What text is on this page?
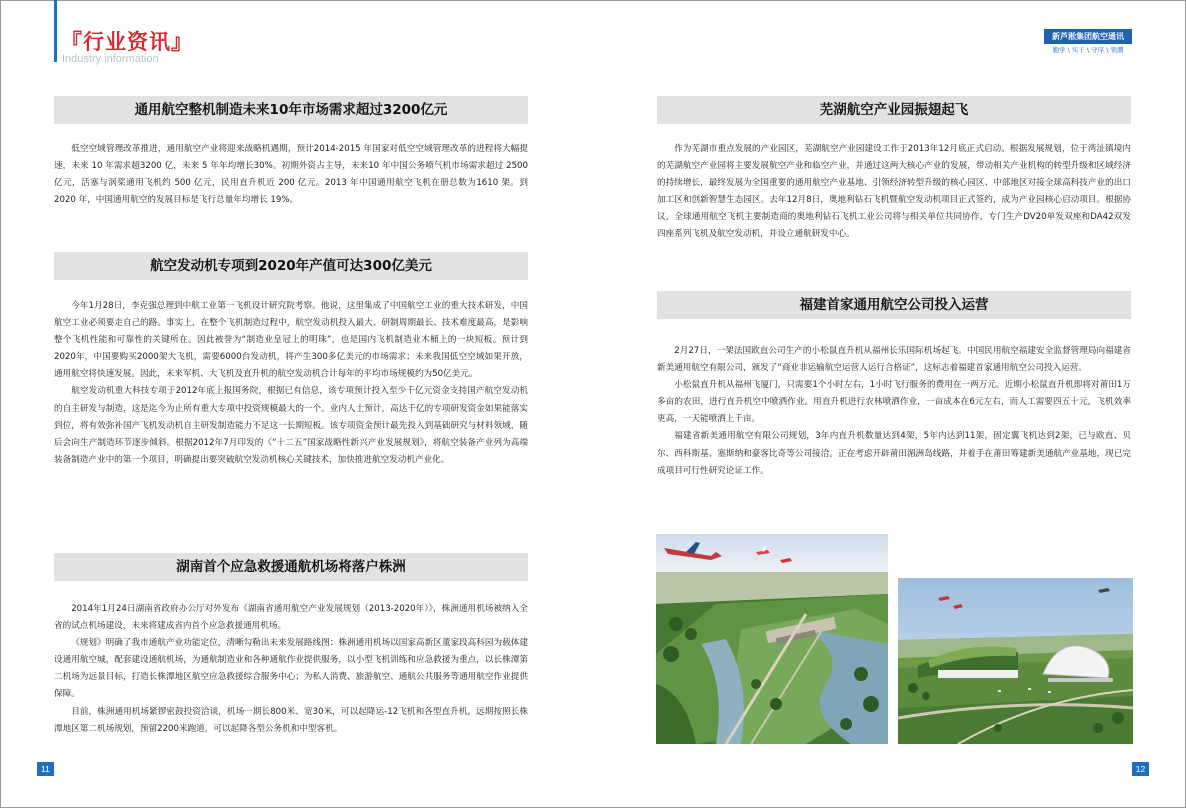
『行业资讯』
Industry information
通用航空整机制造未来10年市场需求超过3200亿元

低空空域管理改革推进，通用航空产业将迎来战略机遇期，预计2014-2015 年国家对低空空域管理改革的进程将大幅提速，未来 10 年需求超3200 亿，未来 5 年年均增长30%。初期外资占主导，未来10 年中国公务喷气机市场需求超过 2500 亿元，活塞与涡桨通用飞机约 500 亿元，民用直升机近 200 亿元。2013 年中国通用航空飞机在册总数为1610 架。到 2020 年，中国通用航空的发展目标是飞行总量年均增长 19%。

航空发动机专项到2020年产值可达300亿美元

今年1月28日，李克强总理到中航工业第一飞机设计研究院考察。他说，这里集成了中国航空工业的重大技术研发，中国航空工业必须要走自己的路。事实上，在整个飞机制造过程中，航空发动机投入最大、研制周期最长、技术难度最高，是影响整个飞机性能和可靠性的关键所在。因此被誉为“制造业皇冠上的明珠”，也是国内飞机制造业木桶上的一块短板。预计到2020年，中国要购买2000架大飞机，需要6000台发动机，将产生300多亿美元的市场需求；未来我国低空空域如果开放，通用航空将快速发展。因此，未来军机、大飞机及直升机的航空发动机合计每年的平均市场规模约为50亿美元。

航空发动机重大科技专项于2012年底上报国务院，根据已有信息，该专项预计投入至少千亿元资金支持国产航空发动机的自主研发与制造，这是迄今为止所有重大专项中投资规模最大的一个。业内人士预计，高达千亿的专项研发资金如果能落实到位，将有效弥补国产飞机发动机自主研发制造能力不足这一长期短板。该专项资金预计最先投入到基础研究与材料领域，随后会向生产制造环节逐步倾斜。根据2012年7月印发的《“十二五”国家战略性新兴产业发展规划》，将航空装备产业列为高端装备制造产业中的第一个项目，明确提出要突破航空发动机核心关键技术，加快推进航空发动机产业化。

湖南首个应急救援通航机场将落户株洲

2014年1月24日湖南省政府办公厅对外发布《湖南省通用航空产业发展规划（2013-2020年）》，株洲通用机场被纳入全省的试点机场建设，未来将建成省内首个应急救援通用机场。

《规划》明确了我市通航产业功能定位，清晰勾勒出未来发展路线图：株洲通用机场以国家高新区董家段高科园为载体建设通用航空城，配套建设通航机场，为通航制造业和各种通航作业提供服务，以小型飞机训练和应急救援为重点，以长株潭第二机场为远景目标，打造长株潭地区航空应急救援综合服务中心；为私人消费、旅游航空、通航公共服务等通用航空作业提供保障。

目前，株洲通用机场紧锣密鼓投资洽谈，机场一期长800米、宽30米，可以起降运-12飞机和各型直升机，远期按照长株潭地区第二机场规划，预留2200米跑道，可以起降各型公务机和中型客机。

11
新芦淞集团航空通讯
勤学 \ 实干 \ 守序 \ 领潮
芜湖航空产业园振翅起飞

作为芜湖市重点发展的产业园区，芜湖航空产业园建设工作于2013年12月底正式启动。根据发展规划，位于湾沚镇境内的芜湖航空产业园将主要发展航空产业和临空产业，并通过这两大核心产业的发展，带动相关产业机构的转型升级和区域经济的持续增长，最终发展为全国重要的通用航空产业基地、引领经济转型升级的核心园区、中部地区对接全球高科技产业的出口加工区和创新智慧生态园区。去年12月8日，奥地利钻石飞机暨航空发动机项目正式签约，成为产业园核心启动项目。根据协议，全球通用航空飞机主要制造商的奥地利钻石飞机工业公司将与相关单位共同协作，专门生产DV20单发双座和DA42双发四座系列飞机及航空发动机，并设立通航研发中心。

福建首家通用航空公司投入运营

2月27日，一架法国欧直公司生产的小松鼠直升机从福州长乐国际机场起飞。中国民用航空福建安全监督管理局向福建省新美通用航空有限公司，颁发了“商业非运输航空运营人运行合格证”，这标志着福建首家通用航空公司投入运营。

小松鼠直升机从福州飞厦门，只需要1个小时左右，1小时飞行服务的费用在一两万元。近期小松鼠直升机即将对莆田1万多亩的农田，进行直升机空中喷洒作业。用直升机进行农林喷洒作业，一亩成本在6元左右，而人工需要四五十元，飞机效率更高，一天能喷洒上千亩。

福建省新美通用航空有限公司规划，3年内直升机数量达到4架，5年内达到11架，固定翼飞机达到2架，已与欧直、贝尔、西科斯基、塞斯纳和豪客比奇等公司接洽。正在考虑开辟莆田湄洲岛线路，并着手在莆田筹建新美通航产业基地，现已完成项目可行性研究论证工作。

12
